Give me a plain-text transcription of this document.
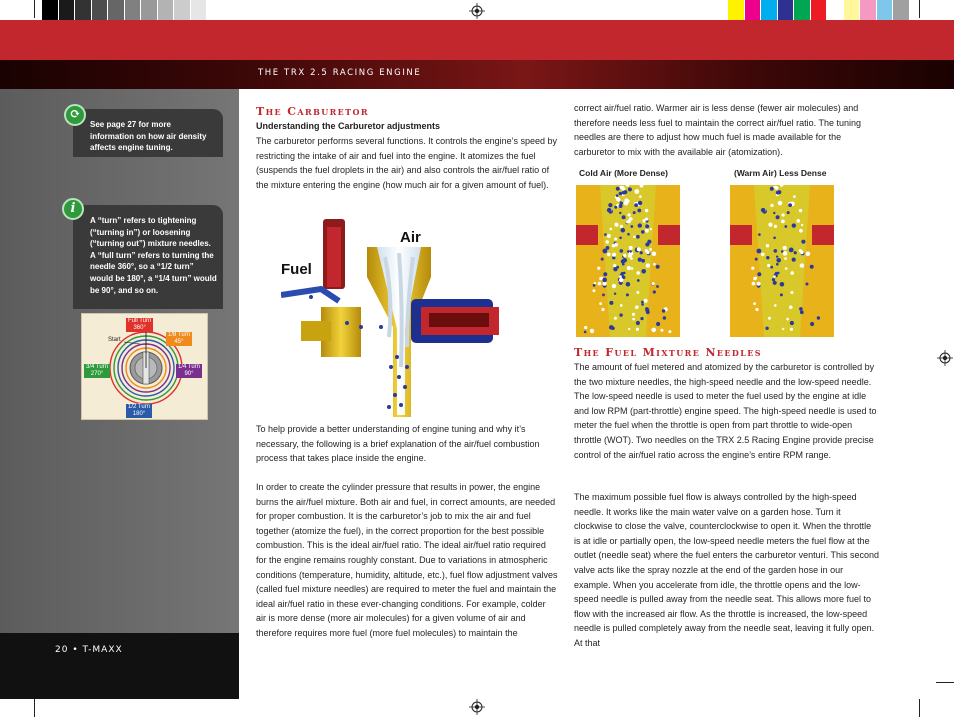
THE TRX 2.5 RACING ENGINE
See page 27 for more information on how air density affects engine tuning.
⟳
A “turn” refers to tightening (“turning in”) or loosening (“turning out”) mixture needles. A “full turn” refers to turning the needle 360°, so a “1/2 turn” would be 180°, a “1/4 turn” would be 90°, and so on.
i
Full Turn
360°
1/8 Turn
45°
1/4 Turn
90°
1/2 Turn
180°
3/4 Turn
270°
Start
20 • T-MAXX
The Carburetor
Understanding the Carburetor adjustments

The carburetor performs several functions. It controls the engine’s speed by restricting the intake of air and fuel into the engine. It atomizes the fuel (suspends the fuel droplets in the air) and also controls the air/fuel ratio of the mixture entering the engine (how much air for a given amount of fuel).

Fuel
Air

To help provide a better understanding of engine tuning and why it’s necessary, the following is a brief explanation of the air/fuel combustion process that takes place inside the engine.

In order to create the cylinder pressure that results in power, the engine burns the air/fuel mixture. Both air and fuel, in correct amounts, are needed for proper combustion. It is the carburetor’s job to mix the air and fuel together (atomize the fuel), in the correct proportion for the best possible combustion. This is the ideal air/fuel ratio. The ideal air/fuel ratio required for the engine remains roughly constant. Due to variations in atmospheric conditions (temperature, humidity, altitude, etc.), fuel flow adjustment valves (called fuel mixture needles) are required to meter the fuel and maintain the ideal air/fuel ratio in these ever-changing conditions. For example, colder air is more dense (more air molecules) for a given volume of air and therefore requires more fuel (more fuel molecules) to maintain the

correct air/fuel ratio. Warmer air is less dense (fewer air molecules) and therefore needs less fuel to maintain the correct air/fuel ratio. The tuning needles are there to adjust how much fuel is made available for the carburetor to mix with the available air (atomization).

Cold Air (More Dense)	(Warm Air) Less Dense
The Fuel Mixture Needles

The amount of fuel metered and atomized by the carburetor is controlled by the two mixture needles, the high-speed needle and the low-speed needle. The low-speed needle is used to meter the fuel used by the engine at idle and low RPM (part-throttle) engine speed. The high-speed needle is used to meter the fuel when the throttle is open from part throttle to wide-open throttle (WOT). Two needles on the TRX 2.5 Racing Engine provide precise control of the air/fuel ratio across the engine’s entire RPM range.

The maximum possible fuel flow is always controlled by the high-speed needle. It works like the main water valve on a garden hose. Turn it clockwise to close the valve, counterclockwise to open it. When the throttle is at idle or partially open, the low-speed needle meters the fuel flow at the outlet (needle seat) where the fuel enters the carburetor venturi. This second valve acts like the spray nozzle at the end of the garden hose in our example. When you accelerate from idle, the throttle opens and the low-speed needle is pulled away from the needle seat. This allows more fuel to flow with the increased air flow. As the throttle is increased, the low-speed needle is pulled completely away from the needle seat, leaving it fully open. At that
